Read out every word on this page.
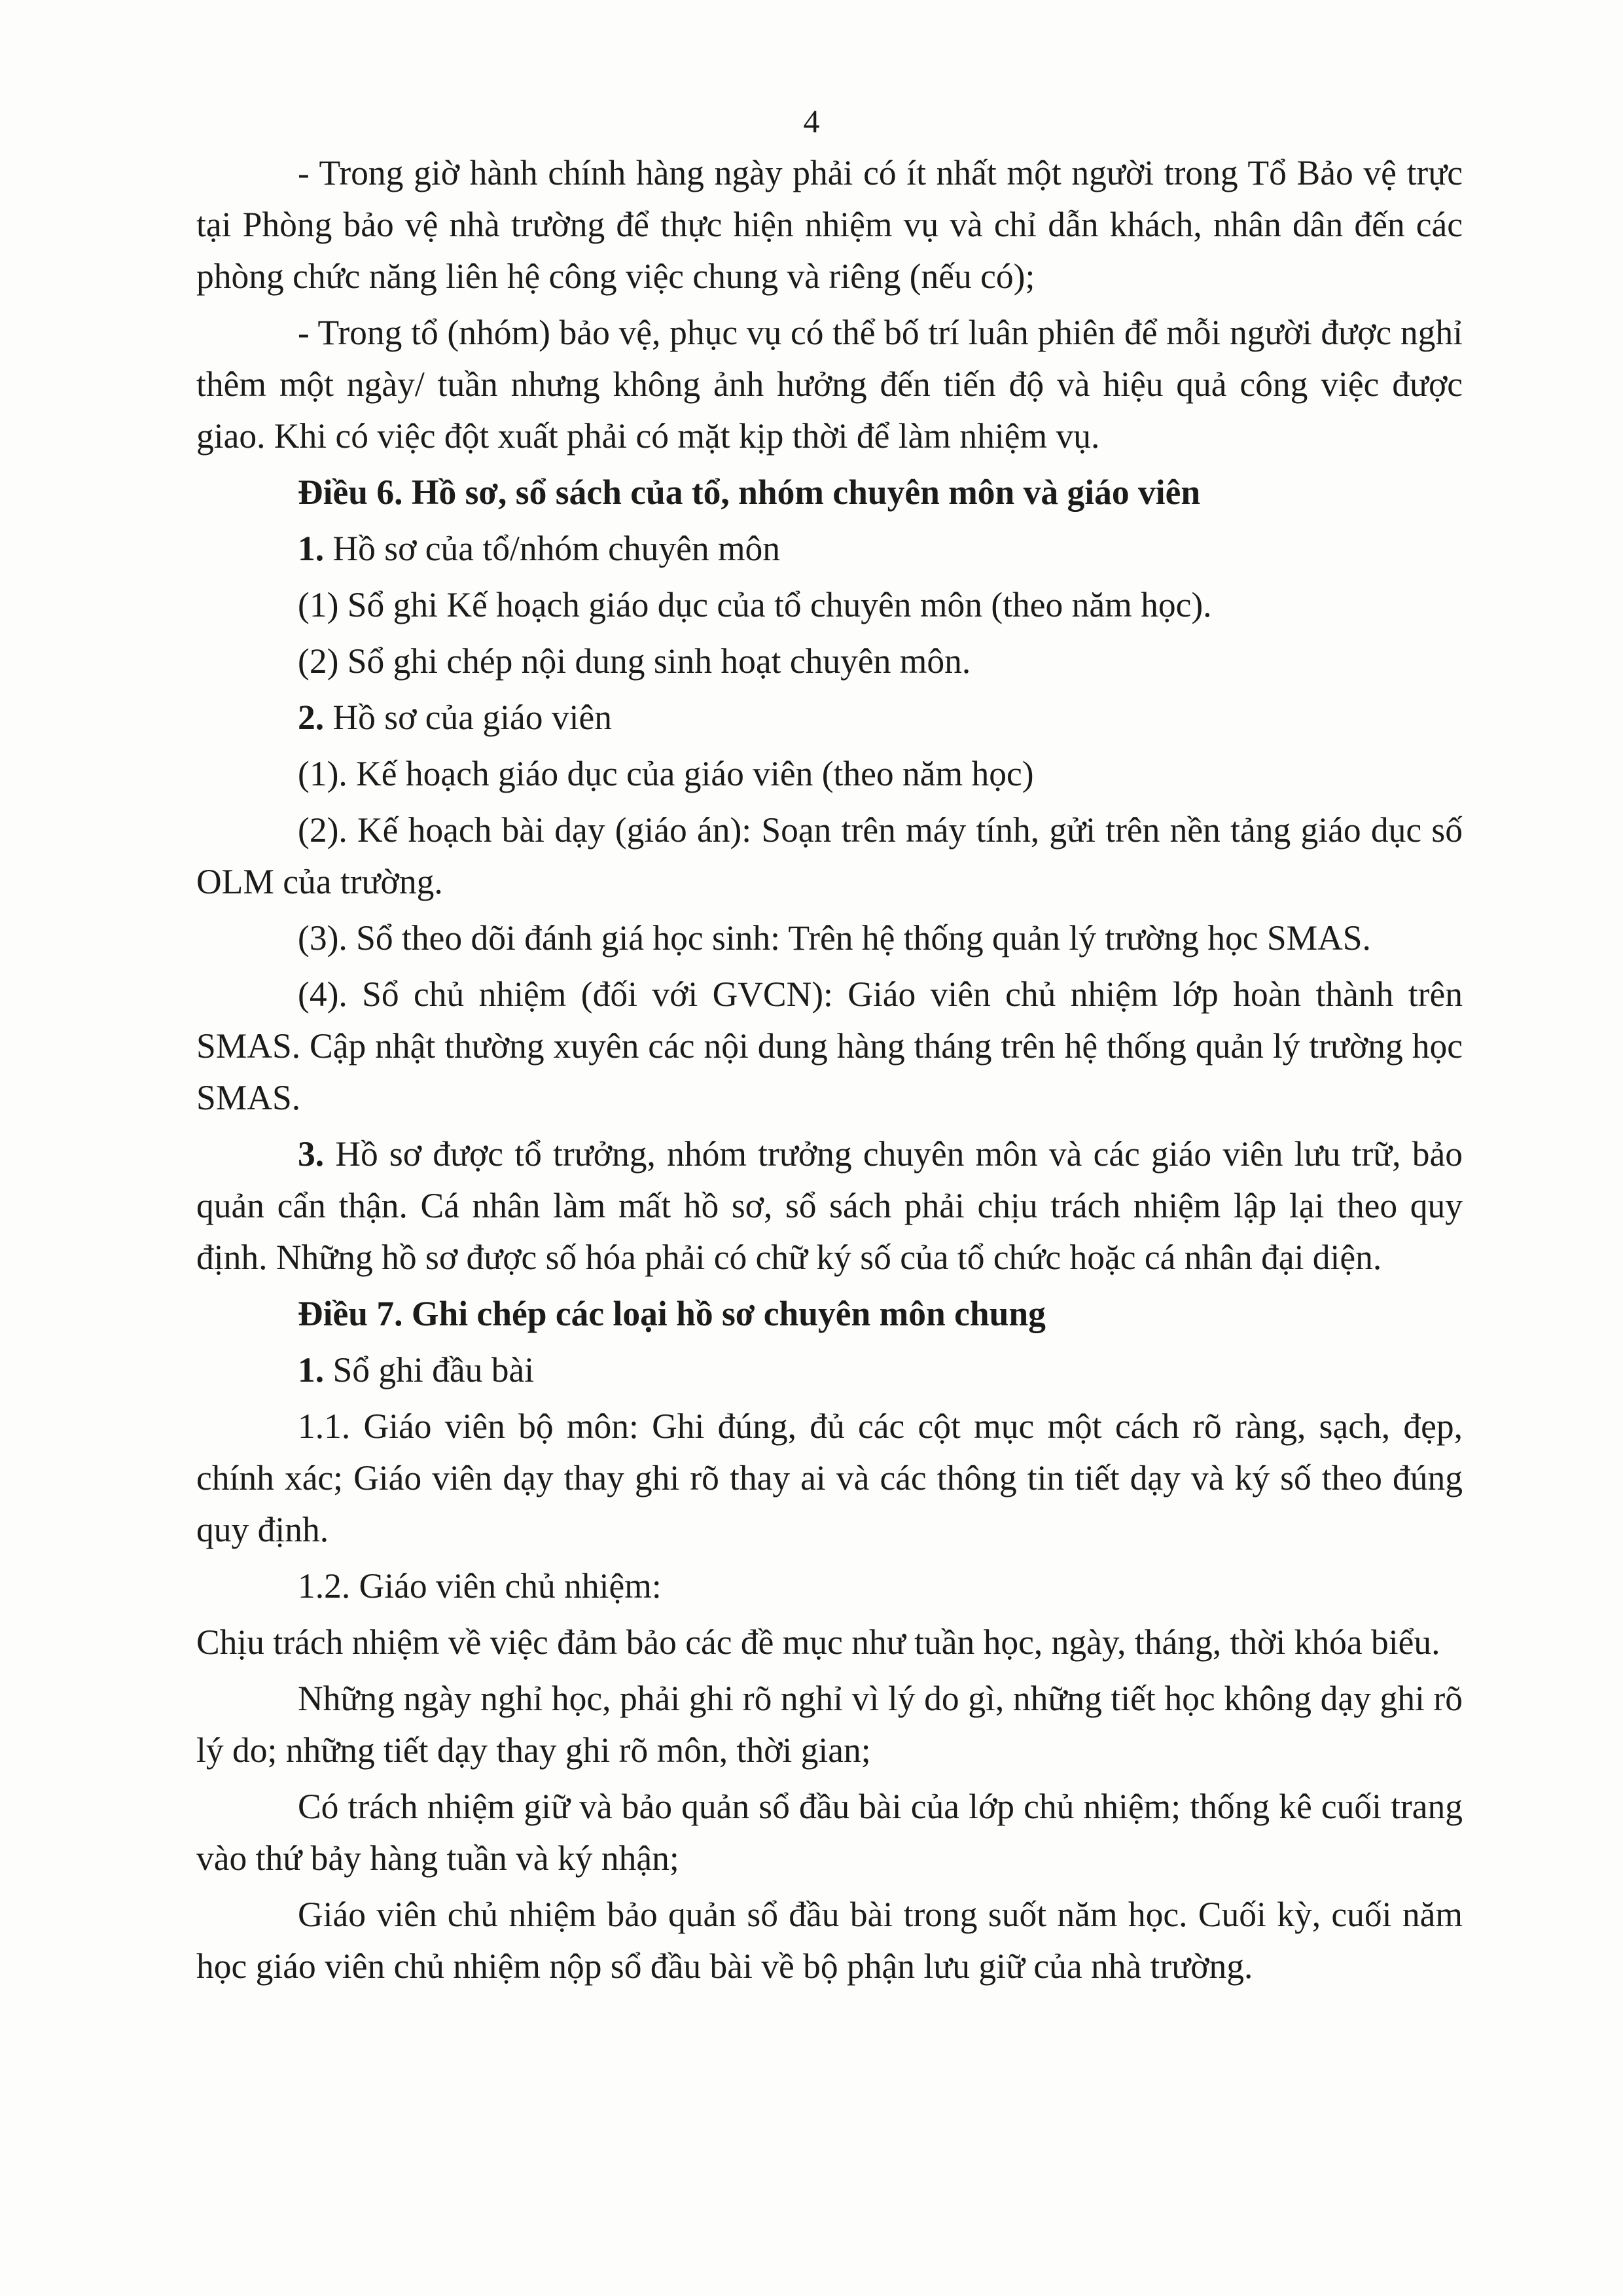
4

- Trong giờ hành chính hàng ngày phải có ít nhất một người trong Tổ Bảo vệ trực tại Phòng bảo vệ nhà trường để thực hiện nhiệm vụ và chỉ dẫn khách, nhân dân đến các phòng chức năng liên hệ công việc chung và riêng (nếu có);

- Trong tổ (nhóm) bảo vệ, phục vụ có thể bố trí luân phiên để mỗi người được nghỉ thêm một ngày/ tuần nhưng không ảnh hưởng đến tiến độ và hiệu quả công việc được giao. Khi có việc đột xuất phải có mặt kịp thời để làm nhiệm vụ.

Điều 6. Hồ sơ, sổ sách của tổ, nhóm chuyên môn và giáo viên

1. Hồ sơ của tổ/nhóm chuyên môn

(1) Sổ ghi Kế hoạch giáo dục của tổ chuyên môn (theo năm học).

(2) Sổ ghi chép nội dung sinh hoạt chuyên môn.

2. Hồ sơ của giáo viên

(1). Kế hoạch giáo dục của giáo viên (theo năm học)

(2). Kế hoạch bài dạy (giáo án): Soạn trên máy tính, gửi trên nền tảng giáo dục số OLM của trường.

(3). Sổ theo dõi đánh giá học sinh: Trên hệ thống quản lý trường học SMAS.

(4). Sổ chủ nhiệm (đối với GVCN): Giáo viên chủ nhiệm lớp hoàn thành trên SMAS. Cập nhật thường xuyên các nội dung hàng tháng trên hệ thống quản lý trường học SMAS.

3. Hồ sơ được tổ trưởng, nhóm trưởng chuyên môn và các giáo viên lưu trữ, bảo quản cẩn thận. Cá nhân làm mất hồ sơ, sổ sách phải chịu trách nhiệm lập lại theo quy định. Những hồ sơ được số hóa phải có chữ ký số của tổ chức hoặc cá nhân đại diện.

Điều 7. Ghi chép các loại hồ sơ chuyên môn chung

1. Sổ ghi đầu bài

1.1. Giáo viên bộ môn: Ghi đúng, đủ các cột mục một cách rõ ràng, sạch, đẹp, chính xác; Giáo viên dạy thay ghi rõ thay ai và các thông tin tiết dạy và ký số theo đúng quy định.

1.2. Giáo viên chủ nhiệm:

Chịu trách nhiệm về việc đảm bảo các đề mục như tuần học, ngày, tháng, thời khóa biểu.

Những ngày nghỉ học, phải ghi rõ nghỉ vì lý do gì, những tiết học không dạy ghi rõ lý do; những tiết dạy thay ghi rõ môn, thời gian;

Có trách nhiệm giữ và bảo quản sổ đầu bài của lớp chủ nhiệm; thống kê cuối trang vào thứ bảy hàng tuần và ký nhận;

Giáo viên chủ nhiệm bảo quản sổ đầu bài trong suốt năm học. Cuối kỳ, cuối năm học giáo viên chủ nhiệm nộp sổ đầu bài về bộ phận lưu giữ của nhà trường.
